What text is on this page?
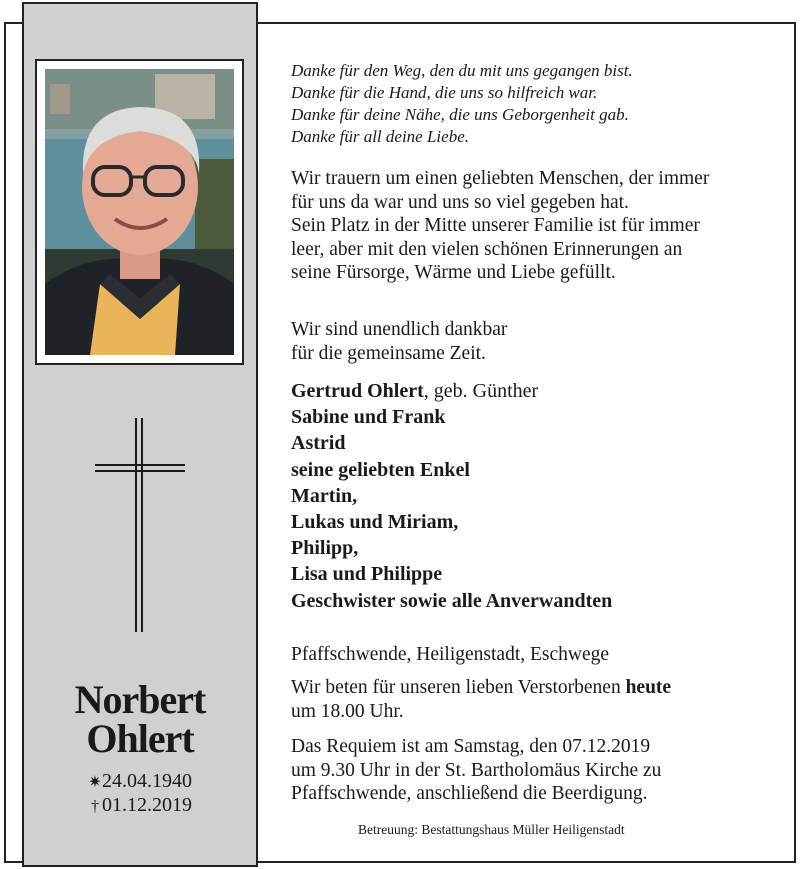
Norbert
Ohlert
✷24.04.1940
† 01.12.2019
Danke für den Weg, den du mit uns gegangen bist.
Danke für die Hand, die uns so hilfreich war.
Danke für deine Nähe, die uns Geborgenheit gab.
Danke für all deine Liebe.
Wir trauern um einen geliebten Menschen, der immer
für uns da war und uns so viel gegeben hat.
Sein Platz in der Mitte unserer Familie ist für immer
leer, aber mit den vielen schönen Erinnerungen an
seine Fürsorge, Wärme und Liebe gefüllt.
Wir sind unendlich dankbar
für die gemeinsame Zeit.
Gertrud Ohlert, geb. Günther
Sabine und Frank
Astrid
seine geliebten Enkel
Martin,
Lukas und Miriam,
Philipp,
Lisa und Philippe
Geschwister sowie alle Anverwandten
Pfaffschwende, Heiligenstadt, Eschwege
Wir beten für unseren lieben Verstorbenen heute
um 18.00 Uhr.
Das Requiem ist am Samstag, den 07.12.2019
um 9.30 Uhr in der St. Bartholomäus Kirche zu
Pfaffschwende, anschließend die Beerdigung.
Betreuung: Bestattungshaus Müller Heiligenstadt
